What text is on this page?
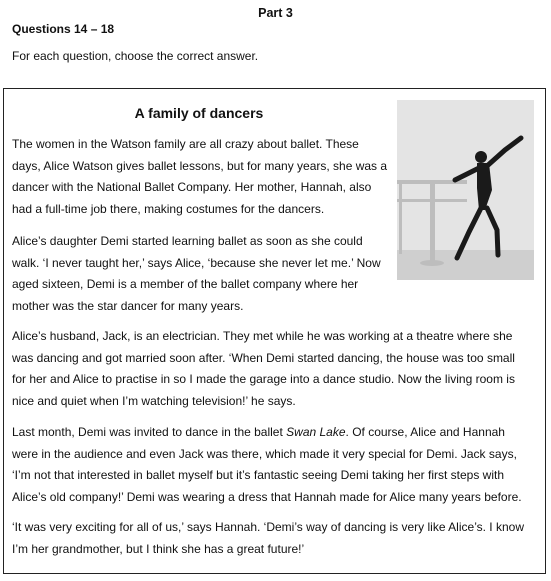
Part 3
Questions 14 – 18
For each question, choose the correct answer.
A family of dancers

The women in the Watson family are all crazy about ballet. These
days, Alice Watson gives ballet lessons, but for many years, she was a
dancer with the National Ballet Company. Her mother, Hannah, also
had a full-time job there, making costumes for the dancers.

Alice’s daughter Demi started learning ballet as soon as she could
walk. ‘I never taught her,’ says Alice, ‘because she never let me.’ Now
aged sixteen, Demi is a member of the ballet company where her
mother was the star dancer for many years.

Alice’s husband, Jack, is an electrician. They met while he was working at a theatre where she
was dancing and got married soon after. ‘When Demi started dancing, the house was too small
for her and Alice to practise in so I made the garage into a dance studio. Now the living room is
nice and quiet when I’m watching television!’ he says.

Last month, Demi was invited to dance in the ballet Swan Lake. Of course, Alice and Hannah
were in the audience and even Jack was there, which made it very special for Demi. Jack says,
‘I’m not that interested in ballet myself but it’s fantastic seeing Demi taking her first steps with
Alice’s old company!’ Demi was wearing a dress that Hannah made for Alice many years before.

‘It was very exciting for all of us,’ says Hannah. ‘Demi’s way of dancing is very like Alice’s. I know
I’m her grandmother, but I think she has a great future!’
